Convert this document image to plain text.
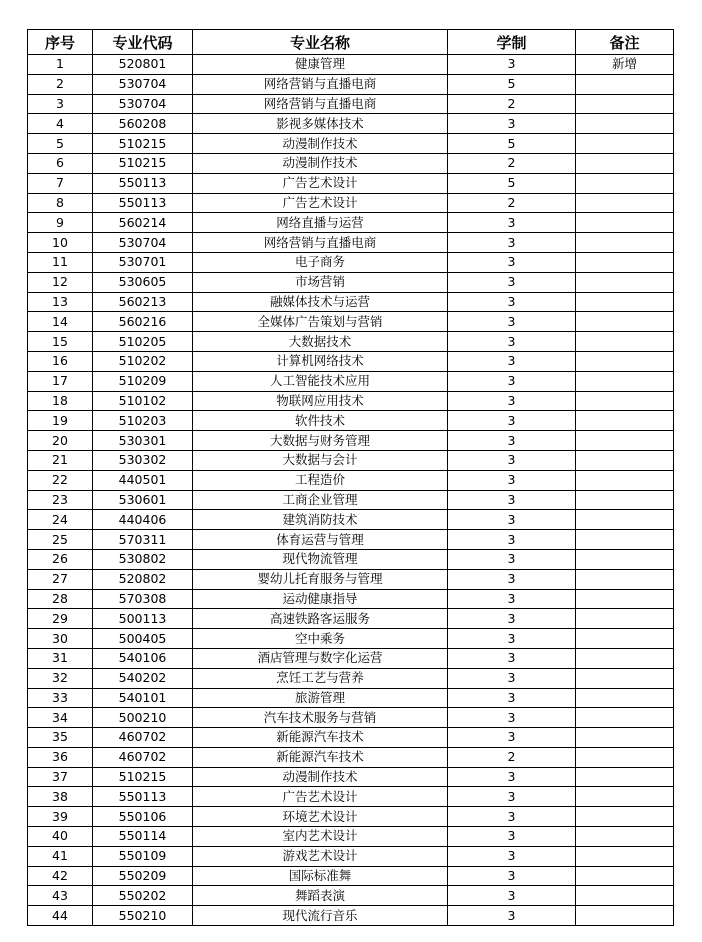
序号	专业代码	专业名称	学制	备注
1	520801	健康管理	3	新增
2	530704	网络营销与直播电商	5	
3	530704	网络营销与直播电商	2	
4	560208	影视多媒体技术	3	
5	510215	动漫制作技术	5	
6	510215	动漫制作技术	2	
7	550113	广告艺术设计	5	
8	550113	广告艺术设计	2	
9	560214	网络直播与运营	3	
10	530704	网络营销与直播电商	3	
11	530701	电子商务	3	
12	530605	市场营销	3	
13	560213	融媒体技术与运营	3	
14	560216	全媒体广告策划与营销	3	
15	510205	大数据技术	3	
16	510202	计算机网络技术	3	
17	510209	人工智能技术应用	3	
18	510102	物联网应用技术	3	
19	510203	软件技术	3	
20	530301	大数据与财务管理	3	
21	530302	大数据与会计	3	
22	440501	工程造价	3	
23	530601	工商企业管理	3	
24	440406	建筑消防技术	3	
25	570311	体育运营与管理	3	
26	530802	现代物流管理	3	
27	520802	婴幼儿托育服务与管理	3	
28	570308	运动健康指导	3	
29	500113	高速铁路客运服务	3	
30	500405	空中乘务	3	
31	540106	酒店管理与数字化运营	3	
32	540202	烹饪工艺与营养	3	
33	540101	旅游管理	3	
34	500210	汽车技术服务与营销	3	
35	460702	新能源汽车技术	3	
36	460702	新能源汽车技术	2	
37	510215	动漫制作技术	3	
38	550113	广告艺术设计	3	
39	550106	环境艺术设计	3	
40	550114	室内艺术设计	3	
41	550109	游戏艺术设计	3	
42	550209	国际标准舞	3	
43	550202	舞蹈表演	3	
44	550210	现代流行音乐	3	
